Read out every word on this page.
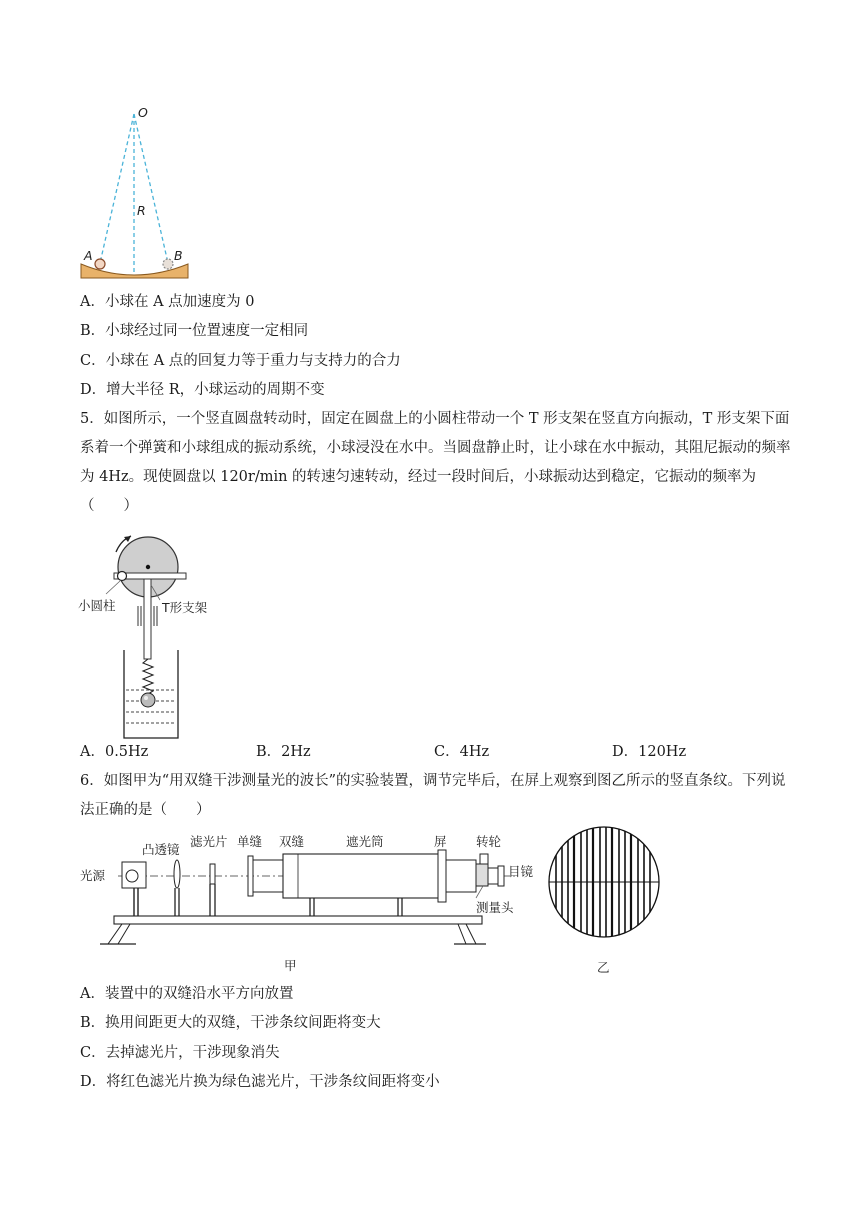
O
R
A	B
A．小球在 A 点加速度为 0
B．小球经过同一位置速度一定相同
C．小球在 A 点的回复力等于重力与支持力的合力
D．增大半径 R，小球运动的周期不变
5．如图所示，一个竖直圆盘转动时，固定在圆盘上的小圆柱带动一个 T 形支架在竖直方向振动，T 形支架下面系着一个弹簧和小球组成的振动系统，小球浸没在水中。当圆盘静止时，让小球在水中振动，其阻尼振动的频率为 4Hz。现使圆盘以 120r/min 的转速匀速转动，经过一段时间后，小球振动达到稳定，它振动的频率为（　　）
小圆柱	T形支架
A．0.5Hz	B．2Hz	C．4Hz	D．120Hz
6．如图甲为“用双缝干涉测量光的波长”的实验装置，调节完毕后，在屏上观察到图乙所示的竖直条纹。下列说法正确的是（　　）
光源
凸透镜
滤光片 单缝 双缝	遮光筒	屏 转轮
目镜
测量头
甲	乙
A．装置中的双缝沿水平方向放置
B．换用间距更大的双缝，干涉条纹间距将变大
C．去掉滤光片，干涉现象消失
D．将红色滤光片换为绿色滤光片，干涉条纹间距将变小
